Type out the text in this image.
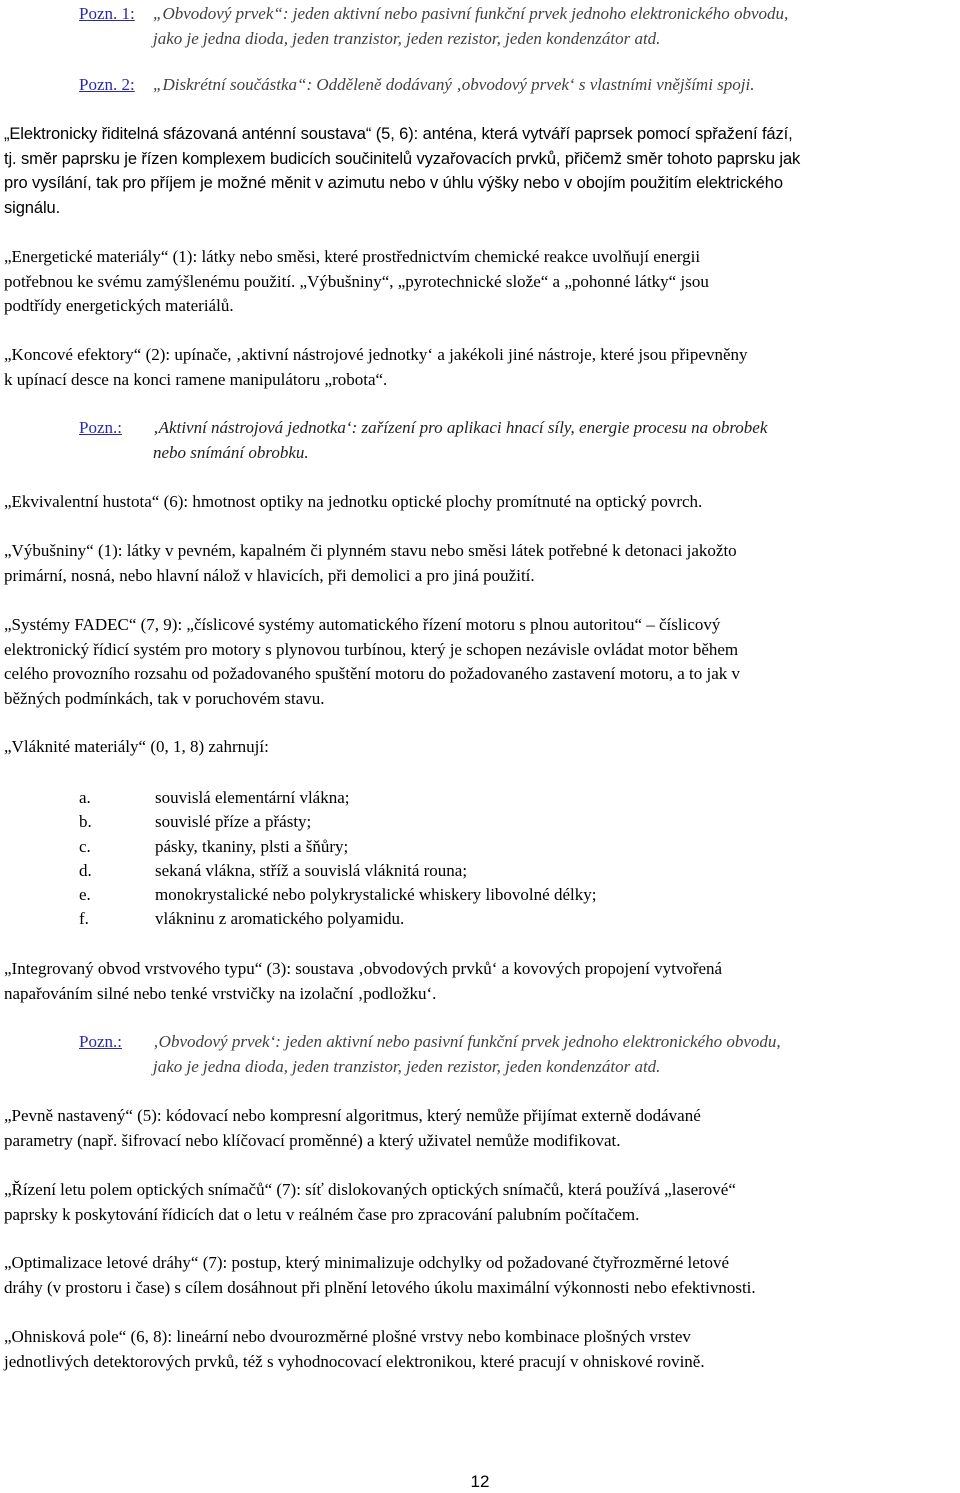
Pozn. 1: „Obvodový prvek“: jeden aktivní nebo pasivní funkční prvek jednoho elektronického obvodu,
jako je jedna dioda, jeden tranzistor, jeden rezistor, jeden kondenzátor atd.
Pozn. 2: „Diskrétní součástka“: Odděleně dodávaný ‚obvodový prvek‘ s vlastními vnějšími spoji.
„Elektronicky řiditelná sfázovaná anténní soustava“ (5, 6): anténa, která vytváří paprsek pomocí spřažení fází,
tj. směr paprsku je řízen komplexem budicích součinitelů vyzařovacích prvků, přičemž směr tohoto paprsku jak
pro vysílání, tak pro příjem je možné měnit v azimutu nebo v úhlu výšky nebo v obojím použitím elektrického
signálu.
„Energetické materiály“ (1): látky nebo směsi, které prostřednictvím chemické reakce uvolňují energii
potřebnou ke svému zamýšlenému použití. „Výbušniny“, „pyrotechnické slože“ a „pohonné látky“ jsou
podtřídy energetických materiálů.
„Koncové efektory“ (2): upínače, ‚aktivní nástrojové jednotky‘ a jakékoli jiné nástroje, které jsou připevněny
k upínací desce na konci ramene manipulátoru „robota“.
Pozn.: ‚Aktivní nástrojová jednotka‘: zařízení pro aplikaci hnací síly, energie procesu na obrobek
nebo snímání obrobku.
„Ekvivalentní hustota“ (6): hmotnost optiky na jednotku optické plochy promítnuté na optický povrch.
„Výbušniny“ (1): látky v pevném, kapalném či plynném stavu nebo směsi látek potřebné k detonaci jakožto
primární, nosná, nebo hlavní nálož v hlavicích, při demolici a pro jiná použití.
„Systémy FADEC“ (7, 9): „číslicové systémy automatického řízení motoru s plnou autoritou“ – číslicový
elektronický řídicí systém pro motory s plynovou turbínou, který je schopen nezávisle ovládat motor během
celého provozního rozsahu od požadovaného spuštění motoru do požadovaného zastavení motoru, a to jak v
běžných podmínkách, tak v poruchovém stavu.
„Vláknité materiály“ (0, 1, 8) zahrnují:
a.	souvislá elementární vlákna;
b.	souvislé příze a přásty;
c.	pásky, tkaniny, plsti a šňůry;
d.	sekaná vlákna, stříž a souvislá vláknitá rouna;
e.	monokrystalické nebo polykrystalické whiskery libovolné délky;
f.	vlákninu z aromatického polyamidu.
„Integrovaný obvod vrstvového typu“ (3): soustava ‚obvodových prvků‘ a kovových propojení vytvořená
napařováním silné nebo tenké vrstvičky na izolační ‚podložku‘.
Pozn.: ‚Obvodový prvek‘: jeden aktivní nebo pasivní funkční prvek jednoho elektronického obvodu,
jako je jedna dioda, jeden tranzistor, jeden rezistor, jeden kondenzátor atd.
„Pevně nastavený“ (5): kódovací nebo kompresní algoritmus, který nemůže přijímat externě dodávané
parametry (např. šifrovací nebo klíčovací proměnné) a který uživatel nemůže modifikovat.
„Řízení letu polem optických snímačů“ (7): síť dislokovaných optických snímačů, která používá „laserové“
paprsky k poskytování řídicích dat o letu v reálném čase pro zpracování palubním počítačem.
„Optimalizace letové dráhy“ (7): postup, který minimalizuje odchylky od požadované čtyřrozměrné letové
dráhy (v prostoru i čase) s cílem dosáhnout při plnění letového úkolu maximální výkonnosti nebo efektivnosti.
„Ohnisková pole“ (6, 8): lineární nebo dvourozměrné plošné vrstvy nebo kombinace plošných vrstev
jednotlivých detektorových prvků, též s vyhodnocovací elektronikou, které pracují v ohniskové rovině.
12
